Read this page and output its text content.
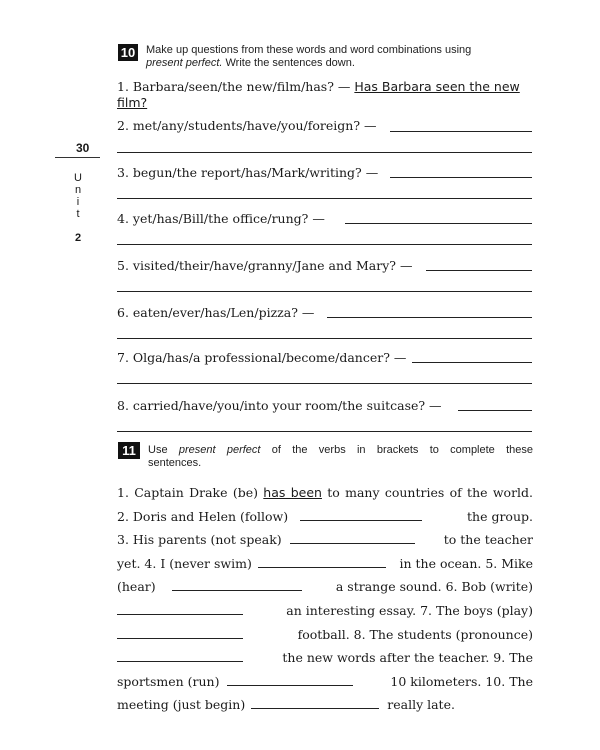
30
U
n
i
t
2
10 Make up questions from these words and word combinations using
present perfect. Write the sentences down.
1. Barbara/seen/the new/film/has? — Has Barbara seen the new
film?
2. met/any/students/have/you/foreign? —
3. begun/the report/has/Mark/writing? —
4. yet/has/Bill/the office/rung? —
5. visited/their/have/granny/Jane and Mary? —
6. eaten/ever/has/Len/pizza? —
7. Olga/has/a professional/become/dancer? —
8. carried/have/you/into your room/the suitcase? —
11	Use present perfect of the verbs in brackets to complete these
sentences.
1. Captain Drake (be) has been to many countries of the world.
2. Doris and Helen (follow)	the group.
3. His parents (not speak)	to the teacher
yet. 4. I (never swim)	in the ocean. 5. Mike
(hear)	a strange sound. 6. Bob (write)
an interesting essay. 7. The boys (play)
football. 8. The students (pronounce)
the new words after the teacher. 9. The
sportsmen (run)	10 kilometers. 10. The
meeting (just begin)	really late.
